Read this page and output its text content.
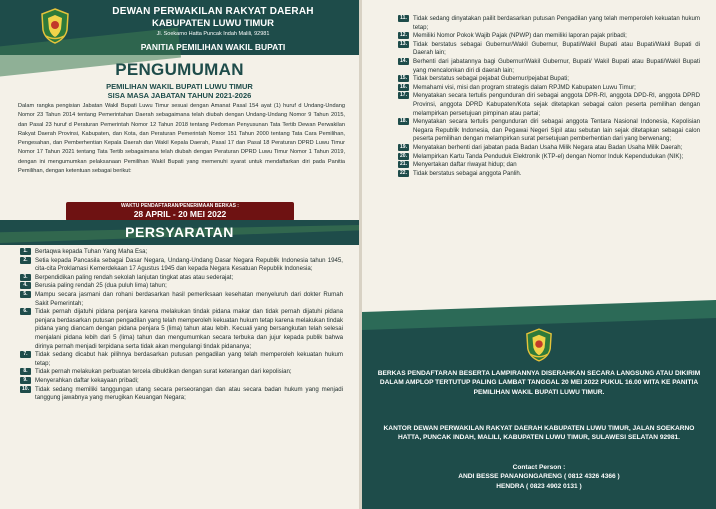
DEWAN PERWAKILAN RAKYAT DAERAH
KABUPATEN LUWU TIMUR
Jl. Soekarno Hatta Puncak Indah Malili, 92981
PANITIA PEMILIHAN WAKIL BUPATI
PENGUMUMAN
PEMILIHAN WAKIL BUPATI LUWU TIMUR
SISA MASA JABATAN TAHUN 2021-2026
Dalam rangka pengisian Jabatan Wakil Bupati Luwu Timur sesuai dengan Amanat Pasal 154 ayat (1) huruf d Undang-Undang Nomor 23 Tahun 2014 tentang Pemerintahan Daerah sebagaimana telah diubah dengan Undang-Undang Nomor 9 Tahun 2015, dan Pasal 23 huruf d Peraturan Pemerintah Nomor 12 Tahun 2018 tentang Pedoman Penyusunan Tata Tertib Dewan Perwakilan Rakyat Daerah Provinsi, Kabupaten, dan Kota, dan Peraturan Pemerintah Nomor 151 Tahun 2000 tentang Tata Cara Pemilihan, Pengesahan, dan Pemberhentian Kepala Daerah dan Wakil Kepala Daerah, Pasal 17 dan Pasal 18 Peraturan DPRD Luwu Timur Nomor 17 Tahun 2021 tentang Tata Tertib sebagaimana telah diubah dengan Peraturan DPRD Luwu Timur Nomor 1 Tahun 2019, dengan ini mengumumkan pelaksanaan Pemilihan Wakil Bupati yang memenuhi syarat untuk mendaftarkan diri pada Panitia Pemilihan, dengan ketentuan sebagai berikut:
WAKTU PENDAFTARAN/PENERIMAAN BERKAS :
28 APRIL - 20 MEI 2022
PERSYARATAN
1.	Bertaqwa kepada Tuhan Yang Maha Esa;
2.	Setia kepada Pancasila sebagai Dasar Negara, Undang-Undang Dasar Negara Republik Indonesia tahun 1945, cita-cita Proklamasi Kemerdekaan 17 Agustus 1945 dan kepada Negara Kesatuan Republik Indonesia;
3.	Berpendidikan paling rendah sekolah lanjutan tingkat atas atau sederajat;
4.	Berusia paling rendah 25 (dua puluh lima) tahun;
5.	Mampu secara jasmani dan rohani berdasarkan hasil pemeriksaan kesehatan menyeluruh dari dokter Rumah Sakit Pemerintah;
6.	Tidak pernah dijatuhi pidana penjara karena melakukan tindak pidana makar dan tidak pernah dijatuhi pidana penjara berdasarkan putusan pengadilan yang telah memperoleh kekuatan hukum tetap karena melakukan tindak pidana yang diancam dengan pidana penjara 5 (lima) tahun atau lebih. Kecuali yang bersangkutan telah selesai menjalani pidana lebih dari 5 (lima) tahun dan mengumumkan secara terbuka dan jujur kepada publik bahwa dirinya pernah menjadi terpidana serta tidak akan mengulangi tindak pidananya;
7.	Tidak sedang dicabut hak pilihnya berdasarkan putusan pengadilan yang telah memperoleh kekuatan hukum tetap;
8.	Tidak pernah melakukan perbuatan tercela dibuktikan dengan surat keterangan dari kepolisian;
9.	Menyerahkan daftar kekayaan pribadi;
10. Tidak sedang memiliki tanggungan utang secara perseorangan dan atau secara badan hukum yang menjadi tanggung jawabnya yang merugikan Keuangan Negara;
11.	Tidak sedang dinyatakan pailit berdasarkan putusan Pengadilan yang telah memperoleh kekuatan hukum tetap;
12. Memiliki Nomor Pokok Wajib Pajak (NPWP) dan memiliki laporan pajak pribadi;
13. Tidak berstatus sebagai Gubernur/Wakil Gubernur, Bupati/Wakil Bupati atau Bupati/Wakil Bupati di Daerah lain;
14. Berhenti dari jabatannya bagi Gubernur/Wakil Gubernur, Bupati/ Wakil Bupati atau Bupati/Wakil Bupati yang mencalonkan diri di daerah lain;
15. Tidak berstatus sebagai pejabat Gubernur/pejabat Bupati;
16. Memahami visi, misi dan program strategis dalam RPJMD Kabupaten Luwu Timur;
17. Menyatakan secara tertulis pengunduran diri sebagai anggota DPR-RI, anggota DPD-RI, anggota DPRD Provinsi, anggota DPRD Kabupaten/Kota sejak ditetapkan sebagai calon peserta pemilihan dengan melampirkan persetujuan pimpinan atau partai;
18. Menyatakan secara tertulis pengunduran diri sebagai anggota Tentara Nasional Indonesia, Kepolisian Negara Republik Indonesia, dan Pegawai Negeri Sipil atau sebutan lain sejak ditetapkan sebagai calon peserta pemilihan dengan melampirkan surat persetujuan pemberhentian dari yang berwenang;
19. Menyatakan berhenti dari jabatan pada Badan Usaha Milik Negara atau Badan Usaha Milik Daerah;
20. Melampirkan Kartu Tanda Penduduk Elektronik (KTP-el) dengan Nomor Induk Kependudukan (NIK);
21. Menyertakan daftar riwayat hidup; dan
22. Tidak berstatus sebagai anggota Panlih.
BERKAS PENDAFTARAN BESERTA LAMPIRANNYA DISERAHKAN SECARA LANGSUNG ATAU DIKIRIM DALAM AMPLOP TERTUTUP PALING LAMBAT TANGGAL 20 MEI 2022 PUKUL 16.00 WITA KE PANITIA PEMILIHAN WAKIL BUPATI LUWU TIMUR.
KANTOR DEWAN PERWAKILAN RAKYAT DAERAH KABUPATEN LUWU TIMUR, JALAN SOEKARNO HATTA, PUNCAK INDAH, MALILI, KABUPATEN LUWU TIMUR, SULAWESI SELATAN 92981.
Contact Person :
ANDI BESSE PANANGNGARENG ( 0812 4326 4366 )
HENDRA ( 0823 4902 0131 )
